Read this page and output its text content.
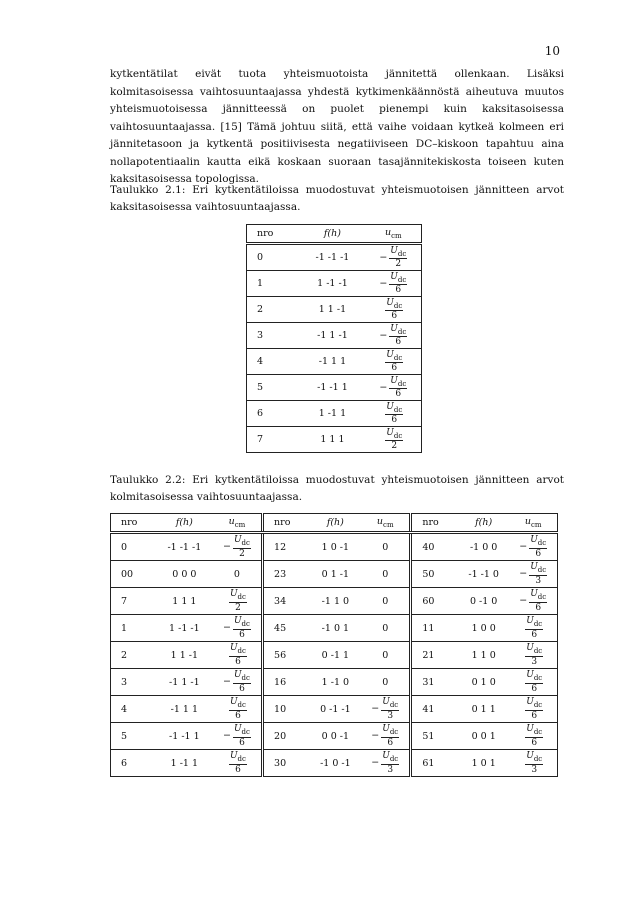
10
kytkentätilat eivät tuota yhteismuotoista jännitettä ollenkaan. Lisäksi kolmitasoisessa vaihtosuuntaajassa yhdestä kytkimenkäännöstä aiheutuva muutos yhteismuotoisessa jännitteessä on puolet pienempi kuin kaksitasoisessa vaihtosuuntaajassa. [15] Tämä johtuu siitä, että vaihe voidaan kytkeä kolmeen eri jännitetasoon ja kytkentä positiivisesta negatiiviseen DC–kiskoon tapahtuu aina nollapotentiaalin kautta eikä koskaan suoraan tasajännitekiskosta toiseen kuten kaksitasoisessa topologissa.
Taulukko 2.1: Eri kytkentätiloissa muodostuvat yhteismuotoisen jännitteen arvot kaksitasoisessa vaihtosuuntaajassa.
nro	f(h)	$u_{cm}$
0	-1 -1 -1	− $\frac{U_{dc}}{2}$

1	1 -1 -1	− $\frac{U_{dc}}{6}$

2	1 1 -1	$\frac{U_{dc}}{6}$

3	-1 1 -1	− $\frac{U_{dc}}{6}$

4	-1 1 1	$\frac{U_{dc}}{6}$

5	-1 -1 1	− $\frac{U_{dc}}{6}$

6	1 -1 1	$\frac{U_{dc}}{6}$

7	1 1 1	$\frac{U_{dc}}{2}$
Taulukko 2.2: Eri kytkentätiloissa muodostuvat yhteismuotoisen jännitteen arvot kolmitasoisessa vaihtosuuntaajassa.
nro	f(h)	$u_{cm}$	nro	f(h)	$u_{cm}$	nro	f(h)	$u_{cm}$
0	-1 -1 -1	− $\frac{U_{dc}}{2}$	12	1 0 -1	0	40	-1 0 0	− $\frac{U_{dc}}{6}$

00	0 0 0	0	23	0 1 -1	0	50	-1 -1 0	− $\frac{U_{dc}}{3}$

7	1 1 1	$\frac{U_{dc}}{2}$	34	-1 1 0	0	60	0 -1 0	− $\frac{U_{dc}}{6}$

1	1 -1 -1	− $\frac{U_{dc}}{6}$	45	-1 0 1	0	11	1 0 0	$\frac{U_{dc}}{6}$

2	1 1 -1	$\frac{U_{dc}}{6}$	56	0 -1 1	0	21	1 1 0	$\frac{U_{dc}}{3}$

3	-1 1 -1	− $\frac{U_{dc}}{6}$	16	1 -1 0	0	31	0 1 0	$\frac{U_{dc}}{6}$

4	-1 1 1	$\frac{U_{dc}}{6}$	10	0 -1 -1	− $\frac{U_{dc}}{3}$	41	0 1 1	$\frac{U_{dc}}{6}$

5	-1 -1 1	− $\frac{U_{dc}}{6}$	20	0 0 -1	− $\frac{U_{dc}}{6}$	51	0 0 1	$\frac{U_{dc}}{6}$

6	1 -1 1	$\frac{U_{dc}}{6}$	30	-1 0 -1	− $\frac{U_{dc}}{3}$	61	1 0 1	$\frac{U_{dc}}{3}$
